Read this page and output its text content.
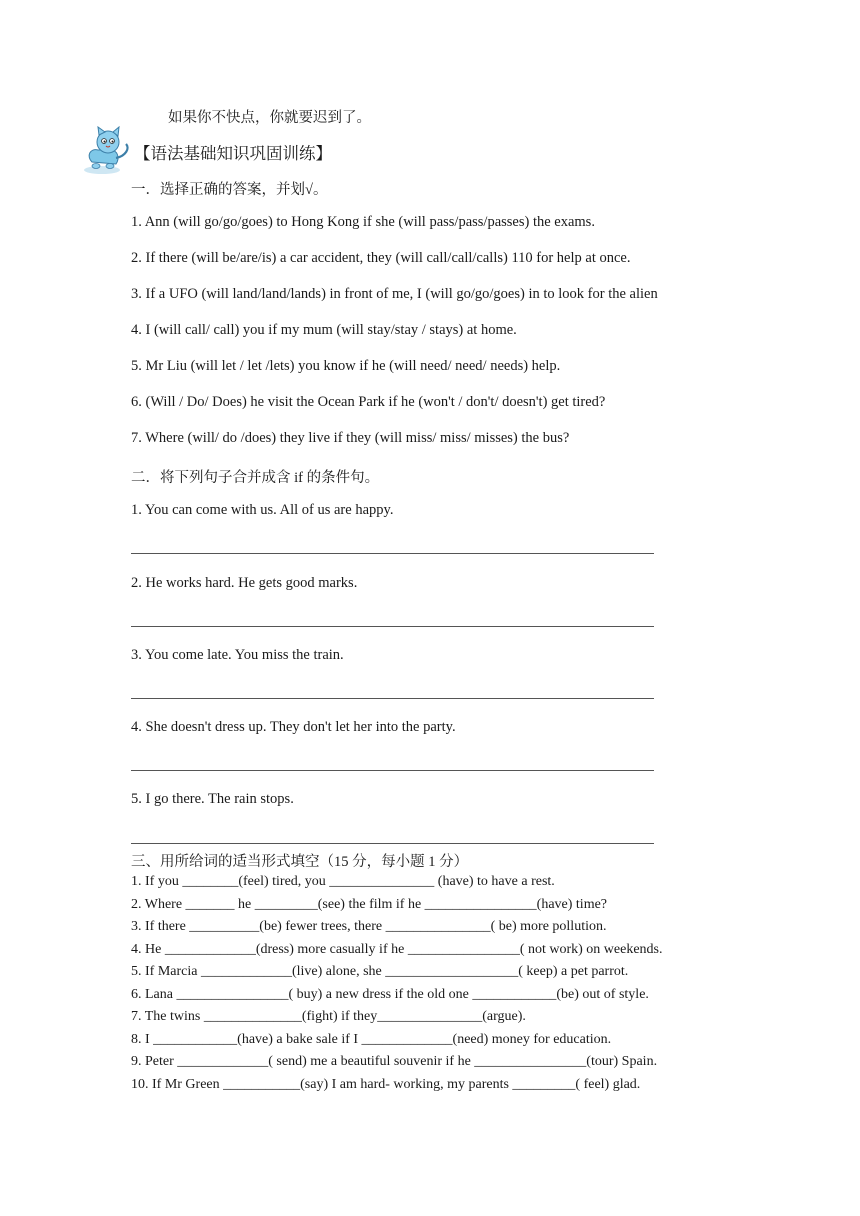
如果你不快点，你就要迟到了。
【语法基础知识巩固训练】
一．选择正确的答案，并划√。
1. Ann (will go/go/goes) to Hong Kong if she (will pass/pass/passes) the exams.
2. If there (will be/are/is) a car accident, they (will call/call/calls) 110 for help at once.
3. If a UFO (will land/land/lands) in front of me, I (will go/go/goes) in to look for the alien
4. I (will call/ call) you if my mum (will stay/stay / stays) at home.
5. Mr Liu (will let / let /lets) you know if he (will need/ need/ needs) help.
6. (Will / Do/ Does) he visit the Ocean Park if he (won't / don't/ doesn't) get tired?
7. Where (will/ do /does) they live if they (will miss/ miss/ misses) the bus?
二．将下列句子合并成含 if 的条件句。
1. You can come with us. All of us are happy.
2. He works hard. He gets good marks.
3. You come late. You miss the train.
4. She doesn't dress up. They don't let her into the party.
5. I go there. The rain stops.
三、用所给词的适当形式填空（15 分，每小题 1 分）
1. If you ________(feel) tired, you _______________ (have) to have a rest.
2. Where _______ he _________(see) the film if he ________________(have) time?
3. If there __________(be) fewer trees, there _______________( be) more pollution.
4. He _____________(dress) more casually if he ________________( not work) on weekends.
5. If Marcia _____________(live) alone, she ___________________( keep) a pet parrot.
6. Lana ________________( buy) a new dress if the old one ____________(be) out of style.
7. The twins ______________(fight) if they_______________(argue).
8. I ____________(have) a bake sale if I _____________(need) money for education.
9. Peter _____________( send) me a beautiful souvenir if he ________________(tour) Spain.
10. If Mr Green ___________(say) I am hard- working, my parents _________( feel) glad.
